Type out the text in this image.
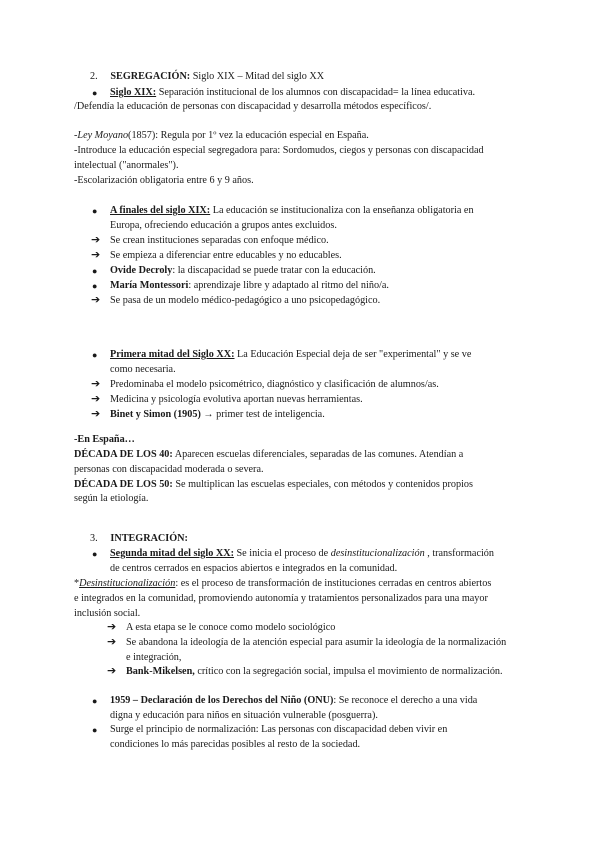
2. SEGREGACIÓN: Siglo XIX – Mitad del siglo XX
● Siglo XIX: Separación institucional de los alumnos con discapacidad= la línea educativa.
/Defendía la educación de personas con discapacidad y desarrolla métodos específicos/.
-Ley Moyano(1857): Regula por 1º vez la educación especial en España.
-Introduce la educación especial segregadora para: Sordomudos, ciegos y personas con discapacidad
intelectual ("anormales").
-Escolarización obligatoria entre 6 y 9 años.
● A finales del siglo XIX: La educación se institucionaliza con la enseñanza obligatoria en
Europa, ofreciendo educación a grupos antes excluidos.
➔ Se crean instituciones separadas con enfoque médico.
➔ Se empieza a diferenciar entre educables y no educables.
● Ovide Decroly: la discapacidad se puede tratar con la educación.
● María Montessori: aprendizaje libre y adaptado al ritmo del niño/a.
➔ Se pasa de un modelo médico-pedagógico a uno psicopedagógico.
● Primera mitad del Siglo XX: La Educación Especial deja de ser "experimental" y se ve
como necesaria.
➔ Predominaba el modelo psicométrico, diagnóstico y clasificación de alumnos/as.
➔ Medicina y psicología evolutiva aportan nuevas herramientas.
➔ Binet y Simon (1905) → primer test de inteligencia.
-En España…
DÉCADA DE LOS 40: Aparecen escuelas diferenciales, separadas de las comunes. Atendían a
personas con discapacidad moderada o severa.
DÉCADA DE LOS 50: Se multiplican las escuelas especiales, con métodos y contenidos propios
según la etiología.
3. INTEGRACIÓN:
● Segunda mitad del siglo XX: Se inicia el proceso de desinstitucionalización , transformación
de centros cerrados en espacios abiertos e integrados en la comunidad.
*Desinstitucionalización: es el proceso de transformación de instituciones cerradas en centros abiertos
e integrados en la comunidad, promoviendo autonomía y tratamientos personalizados para una mayor
inclusión social.
➔ A esta etapa se le conoce como modelo sociológico
➔ Se abandona la ideología de la atención especial para asumir la ideología de la normalización
e integración,
➔ Bank-Mikelsen, crítico con la segregación social, impulsa el movimiento de normalización.
● 1959 – Declaración de los Derechos del Niño (ONU): Se reconoce el derecho a una vida
digna y educación para niños en situación vulnerable (posguerra).
● Surge el principio de normalización: Las personas con discapacidad deben vivir en
condiciones lo más parecidas posibles al resto de la sociedad.
